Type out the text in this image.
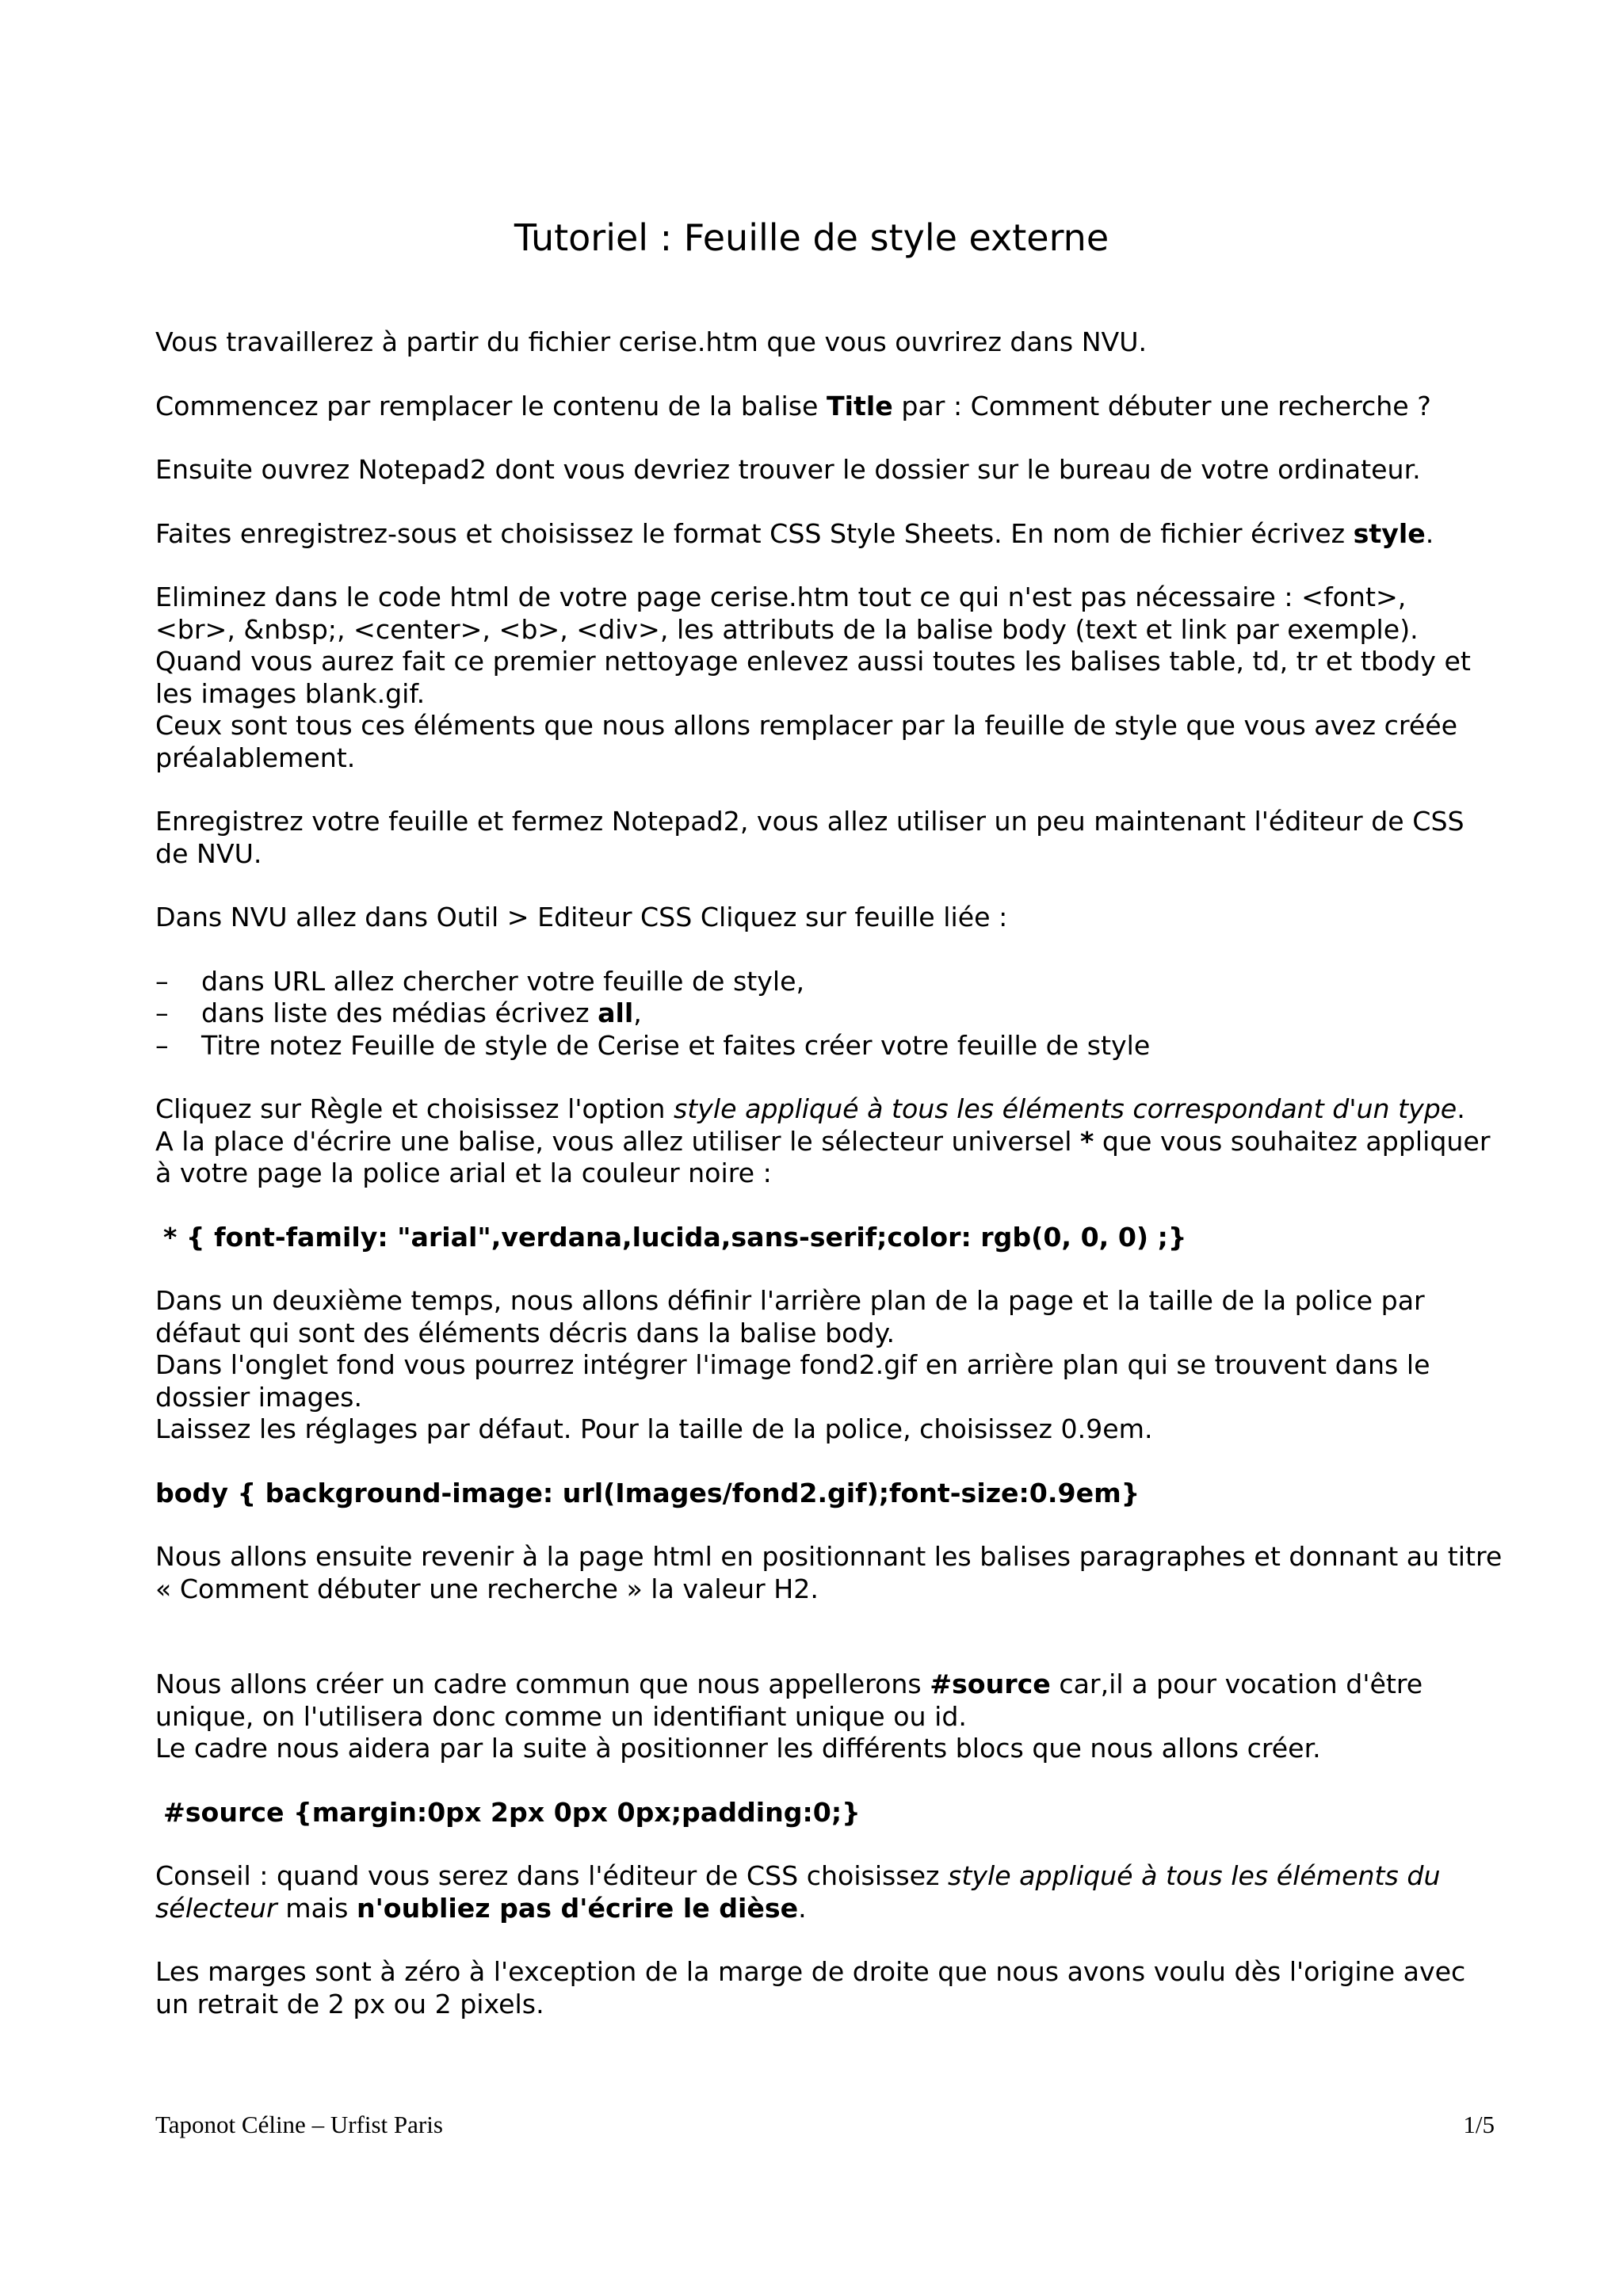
Tutoriel : Feuille de style externe

Vous travaillerez à partir du fichier cerise.htm que vous ouvrirez dans NVU.

Commencez par remplacer le contenu de la balise Title par : Comment débuter une recherche ?

Ensuite ouvrez Notepad2 dont vous devriez trouver le dossier sur le bureau de votre ordinateur.

Faites enregistrez-sous et choisissez le format CSS Style Sheets. En nom de fichier écrivez style.

Eliminez dans le code html de votre page cerise.htm tout ce qui n'est pas nécessaire : <font>,
<br>, &nbsp;, <center>, <b>, <div>, les attributs de la balise body (text et link par exemple).
Quand vous aurez fait ce premier nettoyage enlevez aussi toutes les balises table, td, tr et tbody et les images blank.gif.
Ceux sont tous ces éléments que nous allons remplacer par la feuille de style que vous avez créée préalablement.

Enregistrez votre feuille et fermez Notepad2, vous allez utiliser un peu maintenant l'éditeur de CSS de NVU.

Dans NVU allez dans Outil > Editeur CSS Cliquez sur feuille liée :

– dans URL allez chercher votre feuille de style,
– dans liste des médias écrivez all,
– Titre notez Feuille de style de Cerise et faites créer votre feuille de style

Cliquez sur Règle et choisissez l'option style appliqué à tous les éléments correspondant d'un type.
A la place d'écrire une balise, vous allez utiliser le sélecteur universel * que vous souhaitez appliquer à votre page la police arial et la couleur noire :

* { font-family: "arial",verdana,lucida,sans-serif;color: rgb(0, 0, 0) ;}

Dans un deuxième temps, nous allons définir l'arrière plan de la page et la taille de la police par défaut qui sont des éléments décris dans la balise body.
Dans l'onglet fond vous pourrez intégrer l'image fond2.gif en arrière plan qui se trouvent dans le dossier images.
Laissez les réglages par défaut. Pour la taille de la police, choisissez 0.9em.

body { background-image: url(Images/fond2.gif);font-size:0.9em}

Nous allons ensuite revenir à la page html en positionnant les balises paragraphes et donnant au titre « Comment débuter une recherche » la valeur H2.

Nous allons créer un cadre commun que nous appellerons #source car,il a pour vocation d'être unique, on l'utilisera donc comme un identifiant unique ou id.
Le cadre nous aidera par la suite à positionner les différents blocs que nous allons créer.

#source {margin:0px 2px 0px 0px;padding:0;}

Conseil : quand vous serez dans l'éditeur de CSS choisissez style appliqué à tous les éléments du sélecteur mais n'oubliez pas d'écrire le dièse.

Les marges sont à zéro à l'exception de la marge de droite que nous avons voulu dès l'origine avec un retrait de 2 px ou 2 pixels.

Taponot Céline – Urfist Paris	1/5
